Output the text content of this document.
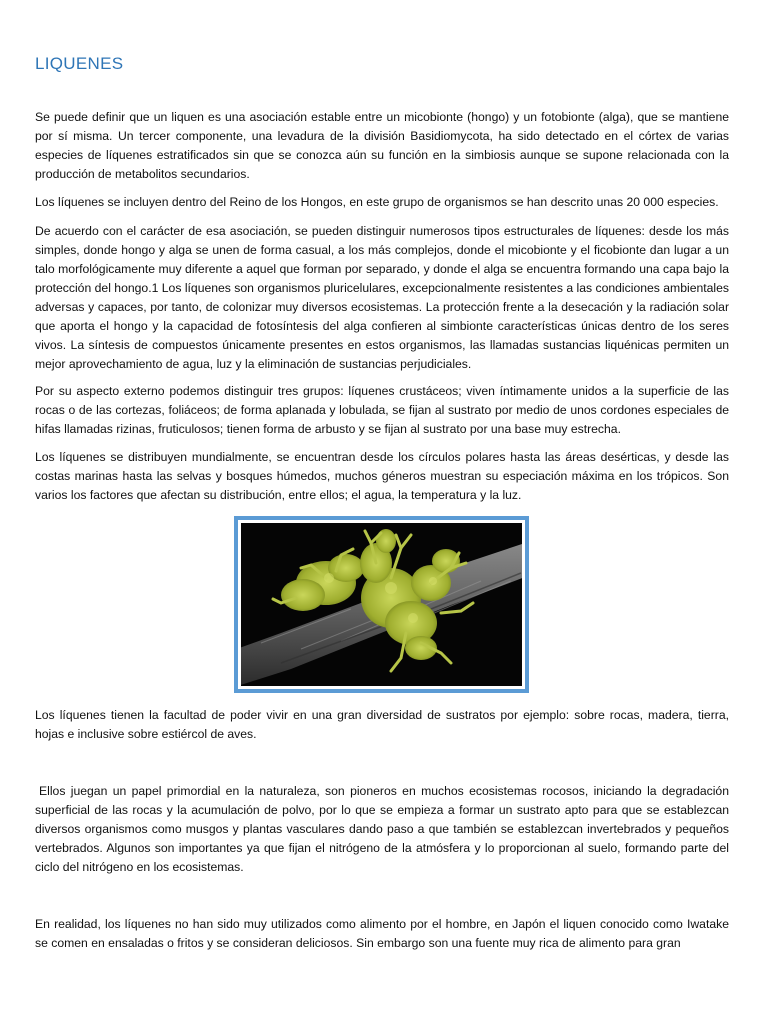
LIQUENES

Se puede definir que un liquen es una asociación estable entre un micobionte (hongo) y un fotobionte (alga), que se mantiene por sí misma. Un tercer componente, una levadura de la división Basidiomycota, ha sido detectado en el córtex de varias especies de líquenes estratificados sin que se conozca aún su función en la simbiosis aunque se supone relacionada con la producción de metabolitos secundarios.

Los líquenes se incluyen dentro del Reino de los Hongos, en este grupo de organismos se han descrito unas 20 000 especies.

De acuerdo con el carácter de esa asociación, se pueden distinguir numerosos tipos estructurales de líquenes: desde los más simples, donde hongo y alga se unen de forma casual, a los más complejos, donde el micobionte y el ficobionte dan lugar a un talo morfológicamente muy diferente a aquel que forman por separado, y donde el alga se encuentra formando una capa bajo la protección del hongo.1 Los líquenes son organismos pluricelulares, excepcionalmente resistentes a las condiciones ambientales adversas y capaces, por tanto, de colonizar muy diversos ecosistemas. La protección frente a la desecación y la radiación solar que aporta el hongo y la capacidad de fotosíntesis del alga confieren al simbionte características únicas dentro de los seres vivos. La síntesis de compuestos únicamente presentes en estos organismos, las llamadas sustancias liquénicas permiten un mejor aprovechamiento de agua, luz y la eliminación de sustancias perjudiciales.

Por su aspecto externo podemos distinguir tres grupos: líquenes crustáceos; viven íntimamente unidos a la superficie de las rocas o de las cortezas, foliáceos; de forma aplanada y lobulada, se fijan al sustrato por medio de unos cordones especiales de hifas llamadas rizinas, fruticulosos; tienen forma de arbusto y se fijan al sustrato por una base muy estrecha.

Los líquenes se distribuyen mundialmente, se encuentran desde los círculos polares hasta las áreas desérticas, y desde las costas marinas hasta las selvas y bosques húmedos, muchos géneros muestran su especiación máxima en los trópicos. Son varios los factores que afectan su distribución, entre ellos; el agua, la temperatura y la luz.

Los líquenes tienen la facultad de poder vivir en una gran diversidad de sustratos por ejemplo: sobre rocas, madera, tierra, hojas e inclusive sobre estiércol de aves.

Ellos juegan un papel primordial en la naturaleza, son pioneros en muchos ecosistemas rocosos, iniciando la degradación superficial de las rocas y la acumulación de polvo, por lo que se empieza a formar un sustrato apto para que se establezcan diversos organismos como musgos y plantas vasculares dando paso a que también se establezcan invertebrados y pequeños vertebrados. Algunos son importantes ya que fijan el nitrógeno de la atmósfera y lo proporcionan al suelo, formando parte del ciclo del nitrógeno en los ecosistemas.

En realidad, los líquenes no han sido muy utilizados como alimento por el hombre, en Japón el liquen conocido como Iwatake se comen en ensaladas o fritos y se consideran deliciosos. Sin embargo son una fuente muy rica de alimento para gran
